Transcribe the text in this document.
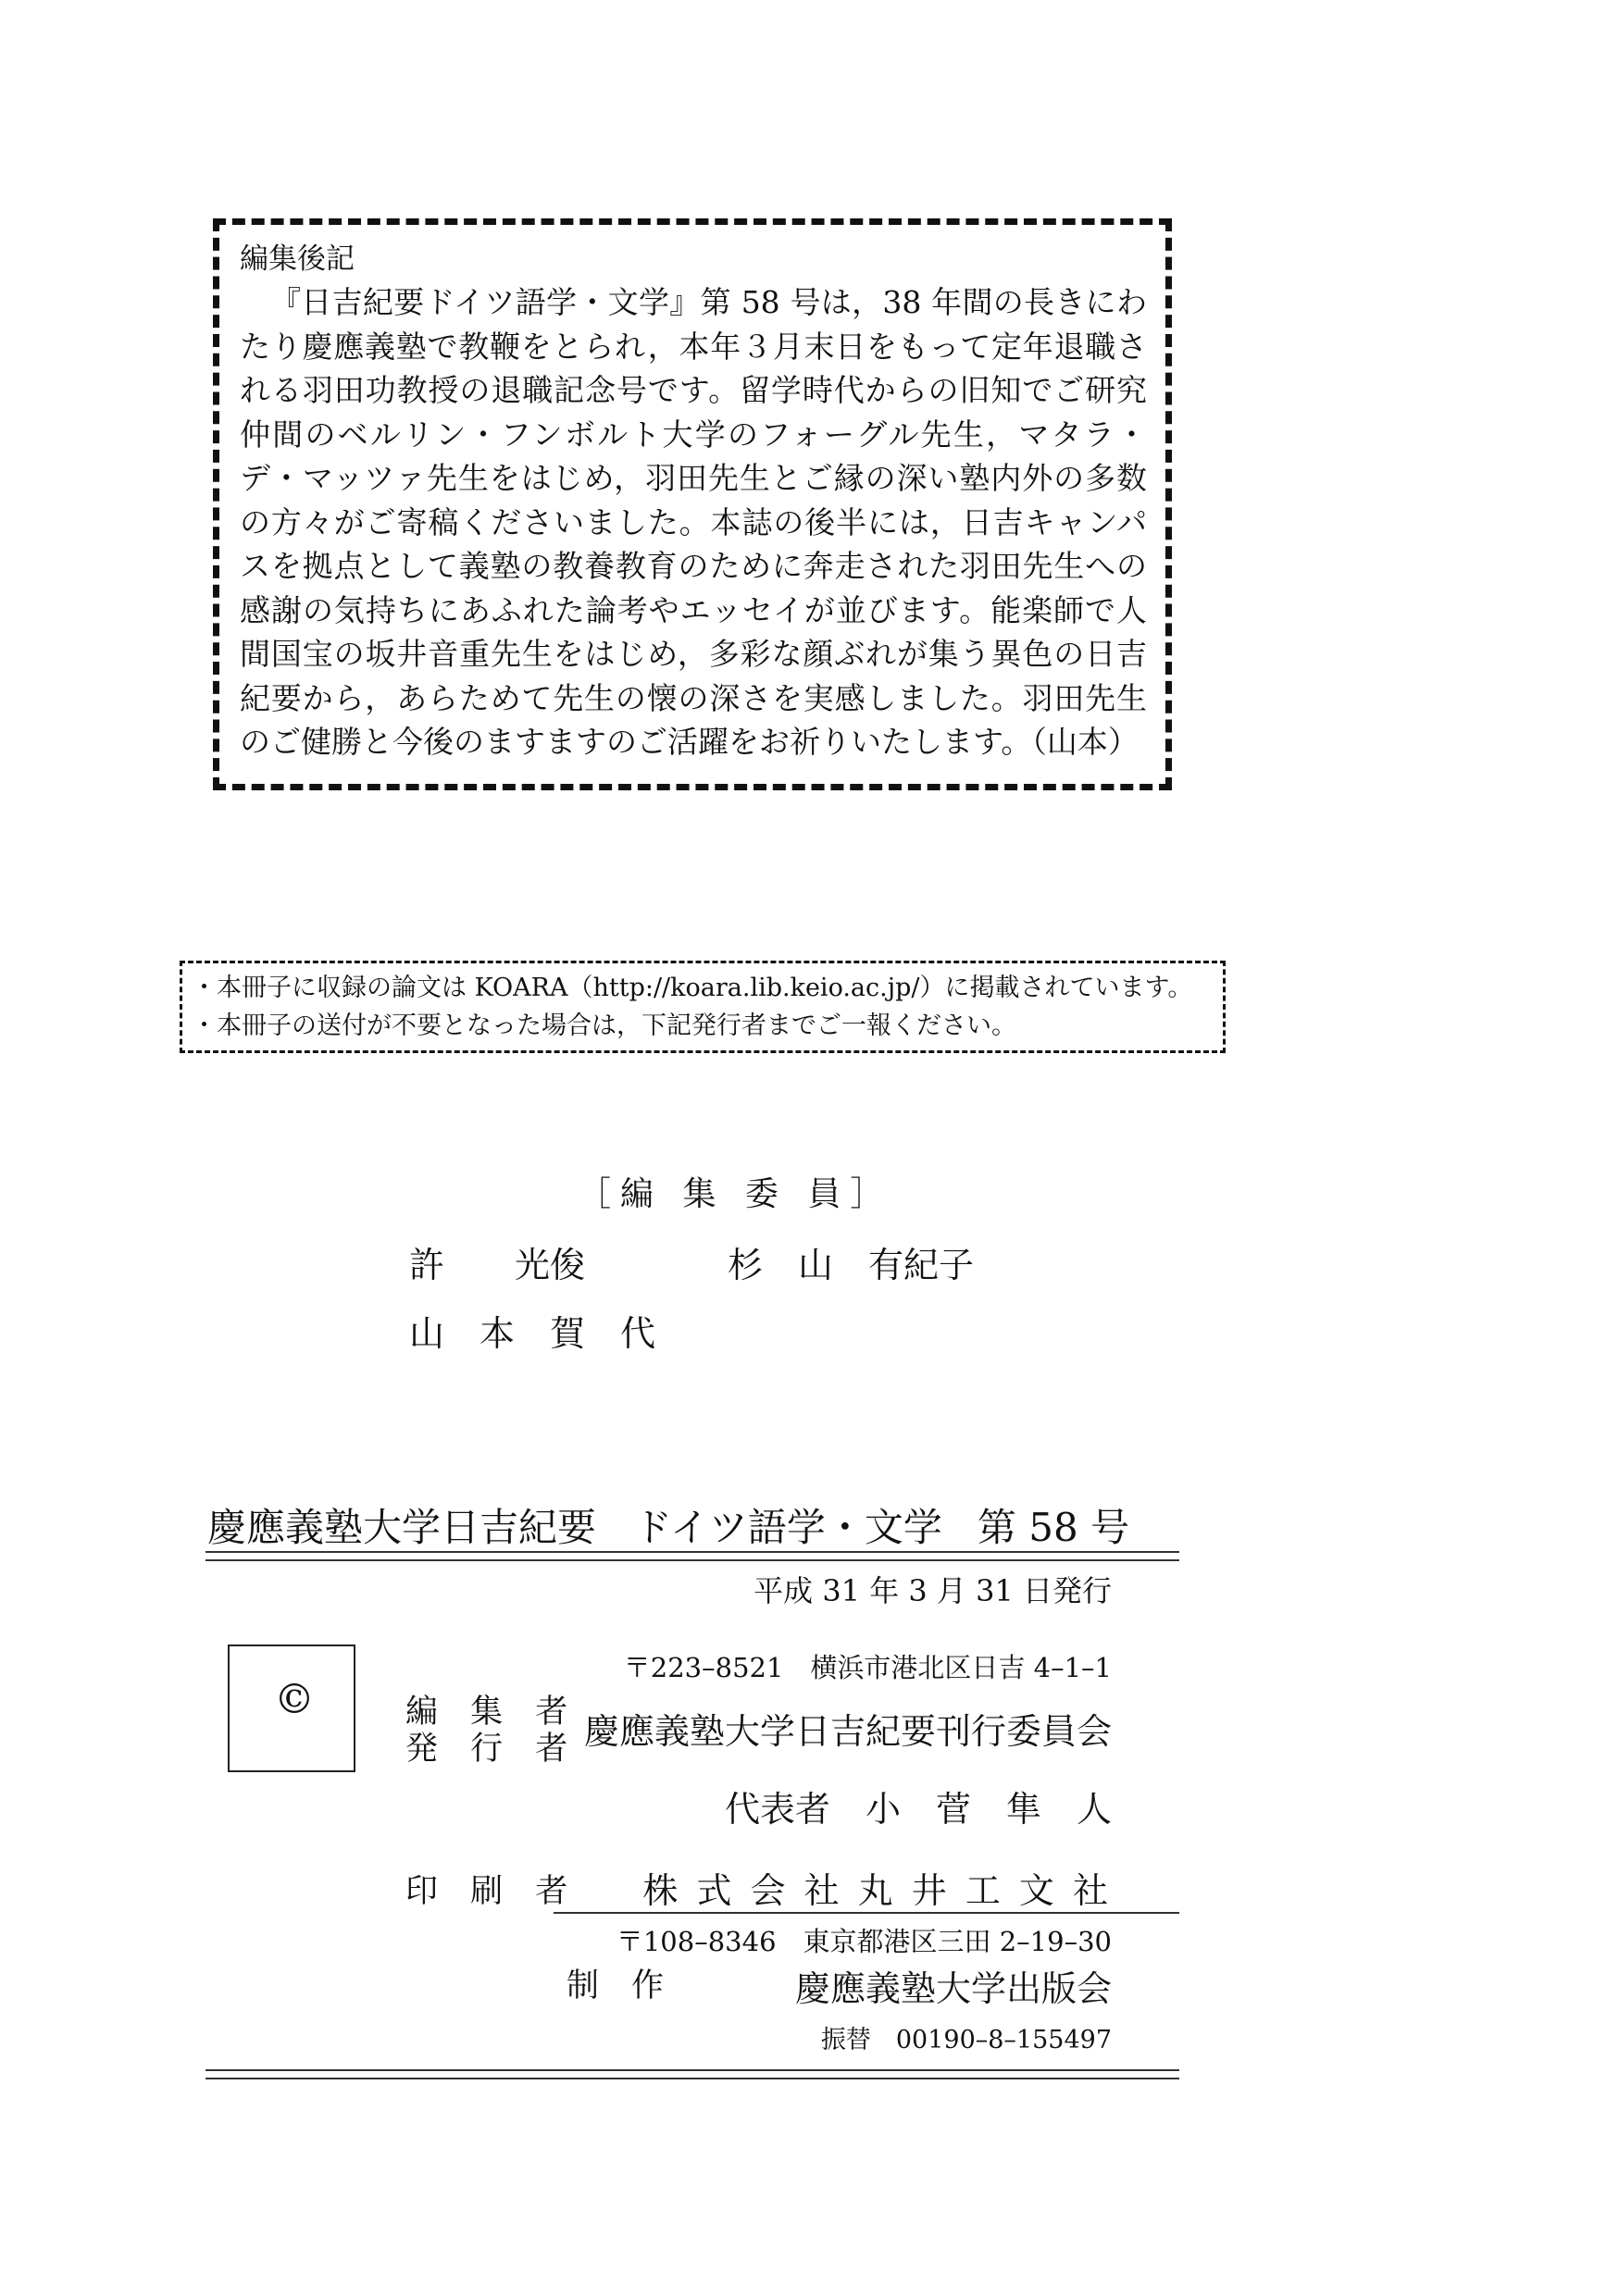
編集後記

『日吉紀要ドイツ語学・文学』第 58 号は，38 年間の長きにわたり慶應義塾で教鞭をとられ，本年３月末日をもって定年退職される羽田功教授の退職記念号です。留学時代からの旧知でご研究仲間のベルリン・フンボルト大学のフォーグル先生，マタラ・デ・マッツァ先生をはじめ，羽田先生とご縁の深い塾内外の多数の方々がご寄稿くださいました。本誌の後半には，日吉キャンパスを拠点として義塾の教養教育のために奔走された羽田先生への感謝の気持ちにあふれた論考やエッセイが並びます。能楽師で人間国宝の坂井音重先生をはじめ，多彩な顔ぶれが集う異色の日吉紀要から，あらためて先生の懐の深さを実感しました。羽田先生のご健勝と今後のますますのご活躍をお祈りいたします。（山本）

・本冊子に収録の論文は KOARA（http://koara.lib.keio.ac.jp/）に掲載されています。
・本冊子の送付が不要となった場合は，下記発行者までご一報ください。
［編 集 委 員］
許　　光俊	杉　山　有紀子
山　本　賀　代
慶應義塾大学日吉紀要 ドイツ語学・文学 第 58 号
平成 31 年 3 月 31 日発行
©
〒223–8521　横浜市港北区日吉 4–1–1
編 集 者
発 行 者 慶應義塾大学日吉紀要刊行委員会
代表者　小　菅　隼　人
印 刷 者 株 式 会 社 丸 井 工 文 社
〒108–8346　東京都港区三田 2–19–30
制　作	慶應義塾大学出版会
振替　00190–8–155497
